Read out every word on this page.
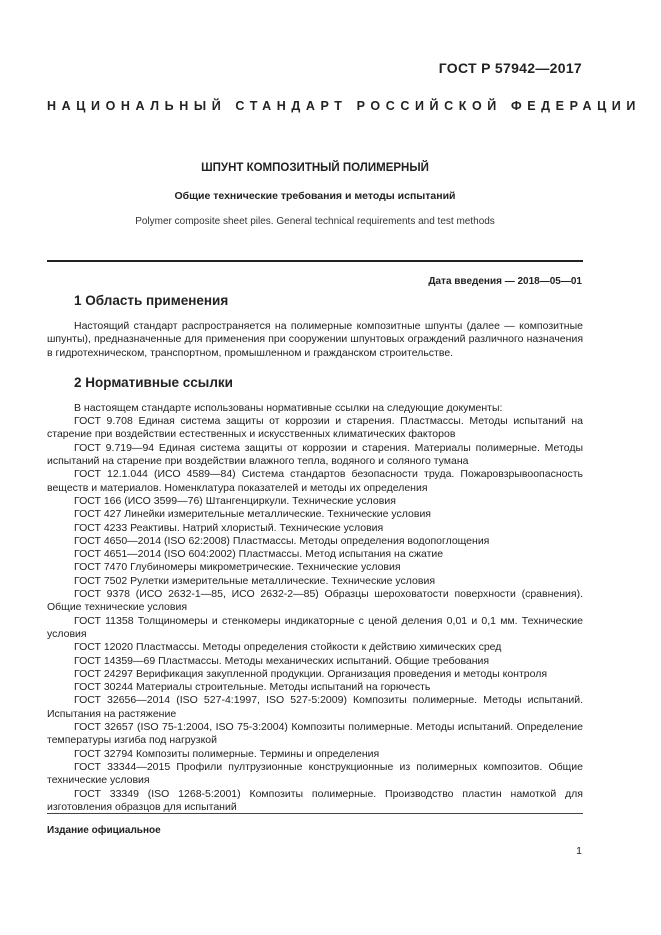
ГОСТ Р 57942—2017
НАЦИОНАЛЬНЫЙ СТАНДАРТ РОССИЙСКОЙ ФЕДЕРАЦИИ
ШПУНТ КОМПОЗИТНЫЙ ПОЛИМЕРНЫЙ
Общие технические требования и методы испытаний
Polymer composite sheet piles. General technical requirements and test methods
Дата введения — 2018—05—01
1 Область применения

Настоящий стандарт распространяется на полимерные композитные шпунты (далее — композитные шпунты), предназначенные для применения при сооружении шпунтовых ограждений различного назначения в гидротехническом, транспортном, промышленном и гражданском строительстве.

2 Нормативные ссылки

В настоящем стандарте использованы нормативные ссылки на следующие документы:

ГОСТ 9.708 Единая система защиты от коррозии и старения. Пластмассы. Методы испытаний на старение при воздействии естественных и искусственных климатических факторов

ГОСТ 9.719—94 Единая система защиты от коррозии и старения. Материалы полимерные. Методы испытаний на старение при воздействии влажного тепла, водяного и соляного тумана

ГОСТ 12.1.044 (ИСО 4589—84) Система стандартов безопасности труда. Пожаровзрывоопасность веществ и материалов. Номенклатура показателей и методы их определения

ГОСТ 166 (ИСО 3599—76) Штангенциркули. Технические условия

ГОСТ 427 Линейки измерительные металлические. Технические условия

ГОСТ 4233 Реактивы. Натрий хлористый. Технические условия

ГОСТ 4650—2014 (ISO 62:2008) Пластмассы. Методы определения водопоглощения

ГОСТ 4651—2014 (ISO 604:2002) Пластмассы. Метод испытания на сжатие

ГОСТ 7470 Глубиномеры микрометрические. Технические условия

ГОСТ 7502 Рулетки измерительные металлические. Технические условия

ГОСТ 9378 (ИСО 2632-1—85, ИСО 2632-2—85) Образцы шероховатости поверхности (сравнения). Общие технические условия

ГОСТ 11358 Толщиномеры и стенкомеры индикаторные с ценой деления 0,01 и 0,1 мм. Технические условия

ГОСТ 12020 Пластмассы. Методы определения стойкости к действию химических сред

ГОСТ 14359—69 Пластмассы. Методы механических испытаний. Общие требования

ГОСТ 24297 Верификация закупленной продукции. Организация проведения и методы контроля

ГОСТ 30244 Материалы строительные. Методы испытаний на горючесть

ГОСТ 32656—2014 (ISO 527-4:1997, ISO 527-5:2009) Композиты полимерные. Методы испытаний. Испытания на растяжение

ГОСТ 32657 (ISO 75-1:2004, ISO 75-3:2004) Композиты полимерные. Методы испытаний. Определение температуры изгиба под нагрузкой

ГОСТ 32794 Композиты полимерные. Термины и определения

ГОСТ 33344—2015 Профили пултрузионные конструкционные из полимерных композитов. Общие технические условия

ГОСТ 33349 (ISO 1268-5:2001) Композиты полимерные. Производство пластин намоткой для изготовления образцов для испытаний

Издание официальное
1
